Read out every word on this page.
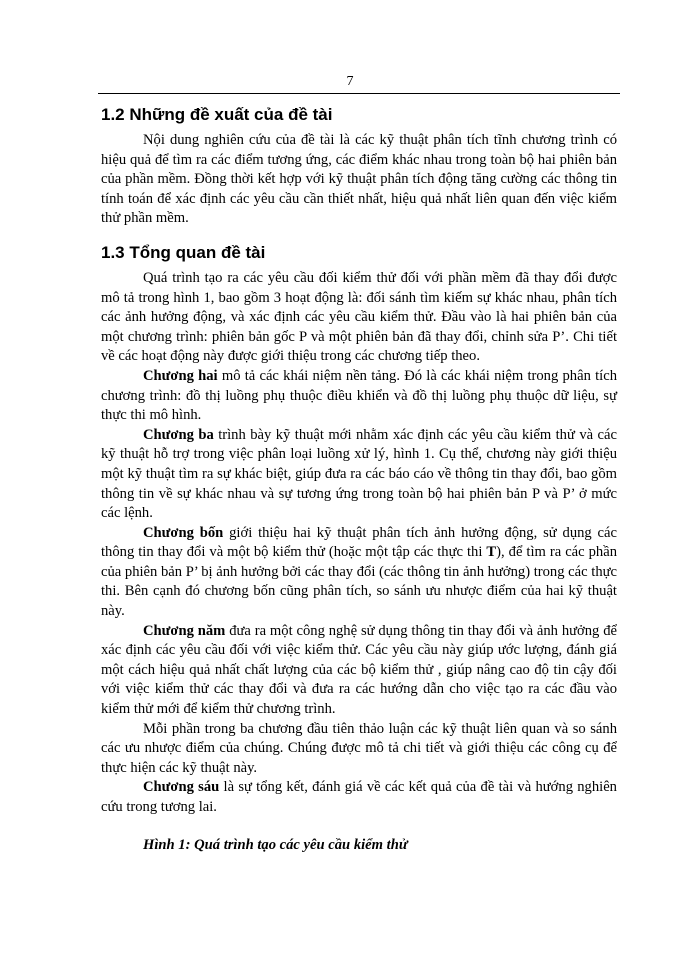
7
1.2 Những đề xuất của đề tài

Nội dung nghiên cứu của đề tài là các kỹ thuật phân tích tĩnh chương trình có hiệu quả để tìm ra các điểm tương ứng, các điểm khác nhau trong toàn bộ hai phiên bản của phần mềm. Đồng thời kết hợp với kỹ thuật phân tích động tăng cường các thông tin tính toán để xác định các yêu cầu cần thiết nhất, hiệu quả nhất liên quan đến việc kiểm thử phần mềm.

1.3 Tổng quan đề tài

Quá trình tạo ra các yêu cầu đối kiểm thử đối với phần mềm đã thay đổi được mô tả trong hình 1, bao gồm 3 hoạt động là: đối sánh tìm kiếm sự khác nhau, phân tích các ảnh hưởng động, và xác định các yêu cầu kiểm thử. Đầu vào là hai phiên bản của một chương trình: phiên bản gốc P và một phiên bản đã thay đổi, chỉnh sửa P’. Chi tiết về các hoạt động này được giới thiệu trong các chương tiếp theo.

Chương hai mô tả các khái niệm nền tảng. Đó là các khái niệm trong phân tích chương trình: đồ thị luồng phụ thuộc điều khiển và đồ thị luồng phụ thuộc dữ liệu, sự thực thi mô hình.

Chương ba trình bày kỹ thuật mới nhằm xác định các yêu cầu kiểm thử và các kỹ thuật hỗ trợ trong việc phân loại luồng xử lý, hình 1. Cụ thể, chương này giới thiệu một kỹ thuật tìm ra sự khác biệt, giúp đưa ra các báo cáo về thông tin thay đổi, bao gồm thông tin về sự khác nhau và sự tương ứng trong toàn bộ hai phiên bản P và P’ ở mức các lệnh.

Chương bốn giới thiệu hai kỹ thuật phân tích ảnh hưởng động, sử dụng các thông tin thay đổi và một bộ kiểm thử (hoặc một tập các thực thi T), để tìm ra các phần của phiên bản P’ bị ảnh hưởng bởi các thay đổi (các thông tin ảnh hưởng) trong các thực thi. Bên cạnh đó chương bốn cũng phân tích, so sánh ưu nhược điểm của hai kỹ thuật này.

Chương năm đưa ra một công nghệ sử dụng thông tin thay đổi và ảnh hưởng để xác định các yêu cầu đối với việc kiểm thử. Các yêu cầu này giúp ước lượng, đánh giá một cách hiệu quả nhất chất lượng của các bộ kiểm thử , giúp nâng cao độ tin cậy đối với việc kiểm thử các thay đổi và đưa ra các hướng dẫn cho việc tạo ra các đầu vào kiểm thử mới để kiểm thử chương trình.

Mỗi phần trong ba chương đầu tiên thảo luận các kỹ thuật liên quan và so sánh các ưu nhược điểm của chúng. Chúng được mô tả chi tiết và giới thiệu các công cụ để thực hiện các kỹ thuật này.

Chương sáu là sự tổng kết, đánh giá về các kết quả của đề tài và hướng nghiên cứu trong tương lai.

Hình 1: Quá trình tạo các yêu cầu kiểm thử
